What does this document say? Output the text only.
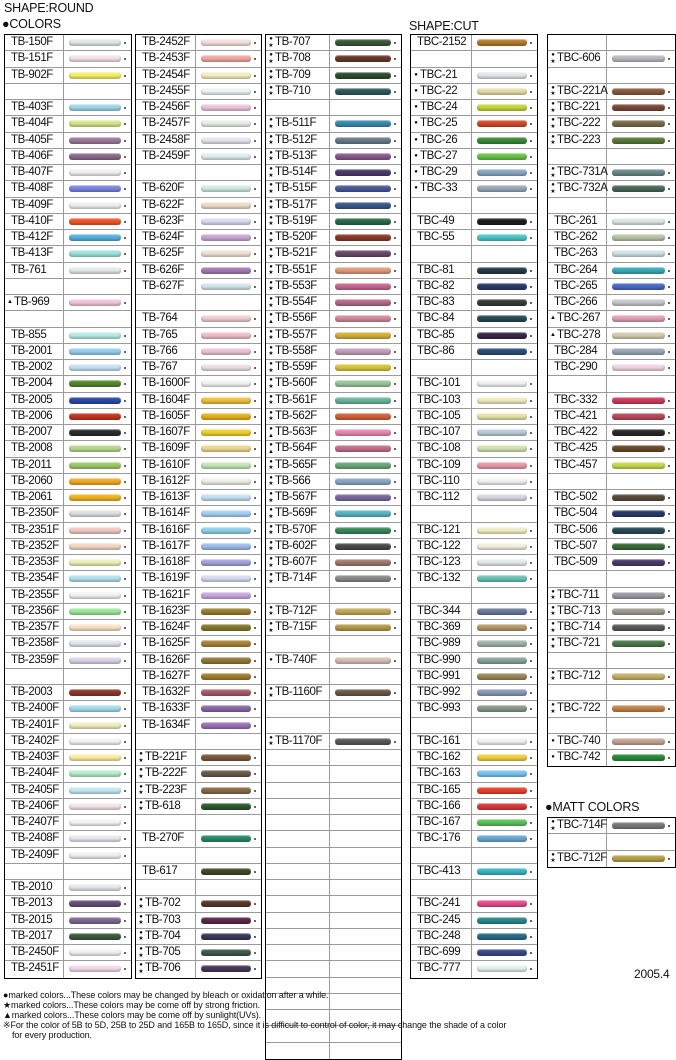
SHAPE:ROUND
●COLORS	SHAPE:CUT
●MATT COLORS
2005.4
TB-150F
TB-151F
TB-902F
TB-403F
TB-404F
TB-405F
TB-406F
TB-407F
TB-408F
TB-409F
TB-410F
TB-412F
TB-413F
TB-761
▲ TB-969
TB-855
TB-2001
TB-2002
TB-2004
TB-2005
TB-2006
TB-2007
TB-2008
TB-2011
TB-2060
TB-2061
TB-2350F
TB-2351F
TB-2352F
TB-2353F
TB-2354F
TB-2355F
TB-2356F
TB-2357F
TB-2358F
TB-2359F
TB-2003
TB-2400F
TB-2401F
TB-2402F
TB-2403F
TB-2404F
TB-2405F
TB-2406F
TB-2407F
TB-2408F
TB-2409F
TB-2010
TB-2013
TB-2015
TB-2017
TB-2450F
TB-2451F
TB-2452F
TB-2453F
TB-2454F
TB-2455F
TB-2456F
TB-2457F
TB-2458F
TB-2459F
TB-620F
TB-622F
TB-623F
TB-624F
TB-625F
TB-626F
TB-627F
TB-764
TB-765
TB-766
TB-767
TB-1600F
TB-1604F
TB-1605F
TB-1607F
TB-1609F
TB-1610F
TB-1612F
TB-1613F
TB-1614F
TB-1616F
TB-1617F
TB-1618F
TB-1619F
TB-1621F
TB-1623F
TB-1624F
TB-1625F
TB-1626F
TB-1627F
TB-1632F
TB-1633F
TB-1634F
●
★ TB-221F
●
★ TB-222F
●
★ TB-223F
●
★ TB-618
TB-270F
TB-617
●
★ TB-702
●
★ TB-703
●
★ TB-704
●
★ TB-705
●
★ TB-706
●
★ TB-707
●
★ TB-708
●
★ TB-709
●
★ TB-710
●
★ TB-511F
●
★ TB-512F
●
★ TB-513F
●
★ TB-514F
●
★ TB-515F
●
★ TB-517F
●
★ TB-519F
●
★ TB-520F
●
★ TB-521F
●
★ TB-551F
●
★ TB-553F
●
★ TB-554F
●
▲ TB-556F
●
★ TB-557F
●
★ TB-558F
●
★ TB-559F
●
★ TB-560F
●
★ TB-561F
●
★ TB-562F
●
▲ TB-563F
●
▲ TB-564F
●
★ TB-565F
●
★ TB-566
●
★ TB-567F
●
★ TB-569F
●
★ TB-570F
●
★ TB-602F
●
★ TB-607F
●
★ TB-714F
●
★ TB-712F
●
★ TB-715F
● TB-740F
●
★ TB-1160F
●
★ TB-1170F
TBC-2152
● TBC-21
● TBC-22
● TBC-24
● TBC-25
● TBC-26
● TBC-27
● TBC-29
● TBC-33
TBC-49
TBC-55
TBC-81
TBC-82
TBC-83
TBC-84
TBC-85
TBC-86
TBC-101
TBC-103
TBC-105
TBC-107
TBC-108
TBC-109
TBC-110
TBC-112
TBC-121
TBC-122
TBC-123
TBC-132
TBC-344
TBC-369
TBC-989
TBC-990
TBC-991
TBC-992
TBC-993
TBC-161
TBC-162
TBC-163
TBC-165
TBC-166
TBC-167
TBC-176
TBC-413
TBC-241
TBC-245
TBC-248
TBC-699
TBC-777
●
★ TBC-606
●
★ TBC-221A
●
★ TBC-221
●
★ TBC-222
●
★ TBC-223
●
★ TBC-731A
●
★ TBC-732A
TBC-261
TBC-262
TBC-263
TBC-264
TBC-265
TBC-266
▲ TBC-267
▲ TBC-278
TBC-284
TBC-290
TBC-332
TBC-421
TBC-422
TBC-425
TBC-457
TBC-502
TBC-504
TBC-506
TBC-507
TBC-509
●
★ TBC-711
●
★ TBC-713
●
★ TBC-714
●
★ TBC-721
●
★ TBC-712
●
★ TBC-722
● TBC-740
● TBC-742
●
★ TBC-714F
●
★ TBC-712F
●marked colors...These colors may be changed by bleach or oxidation after a while.
★marked colors...These colors may be come off by strong friction.
▲marked colors...These colors may be come off by sunlight(UVs).
※For the color of 5B to 5D, 25B to 25D and 165B to 165D, since it is difficult to control of color, it may change the shade of a color
for every production.
